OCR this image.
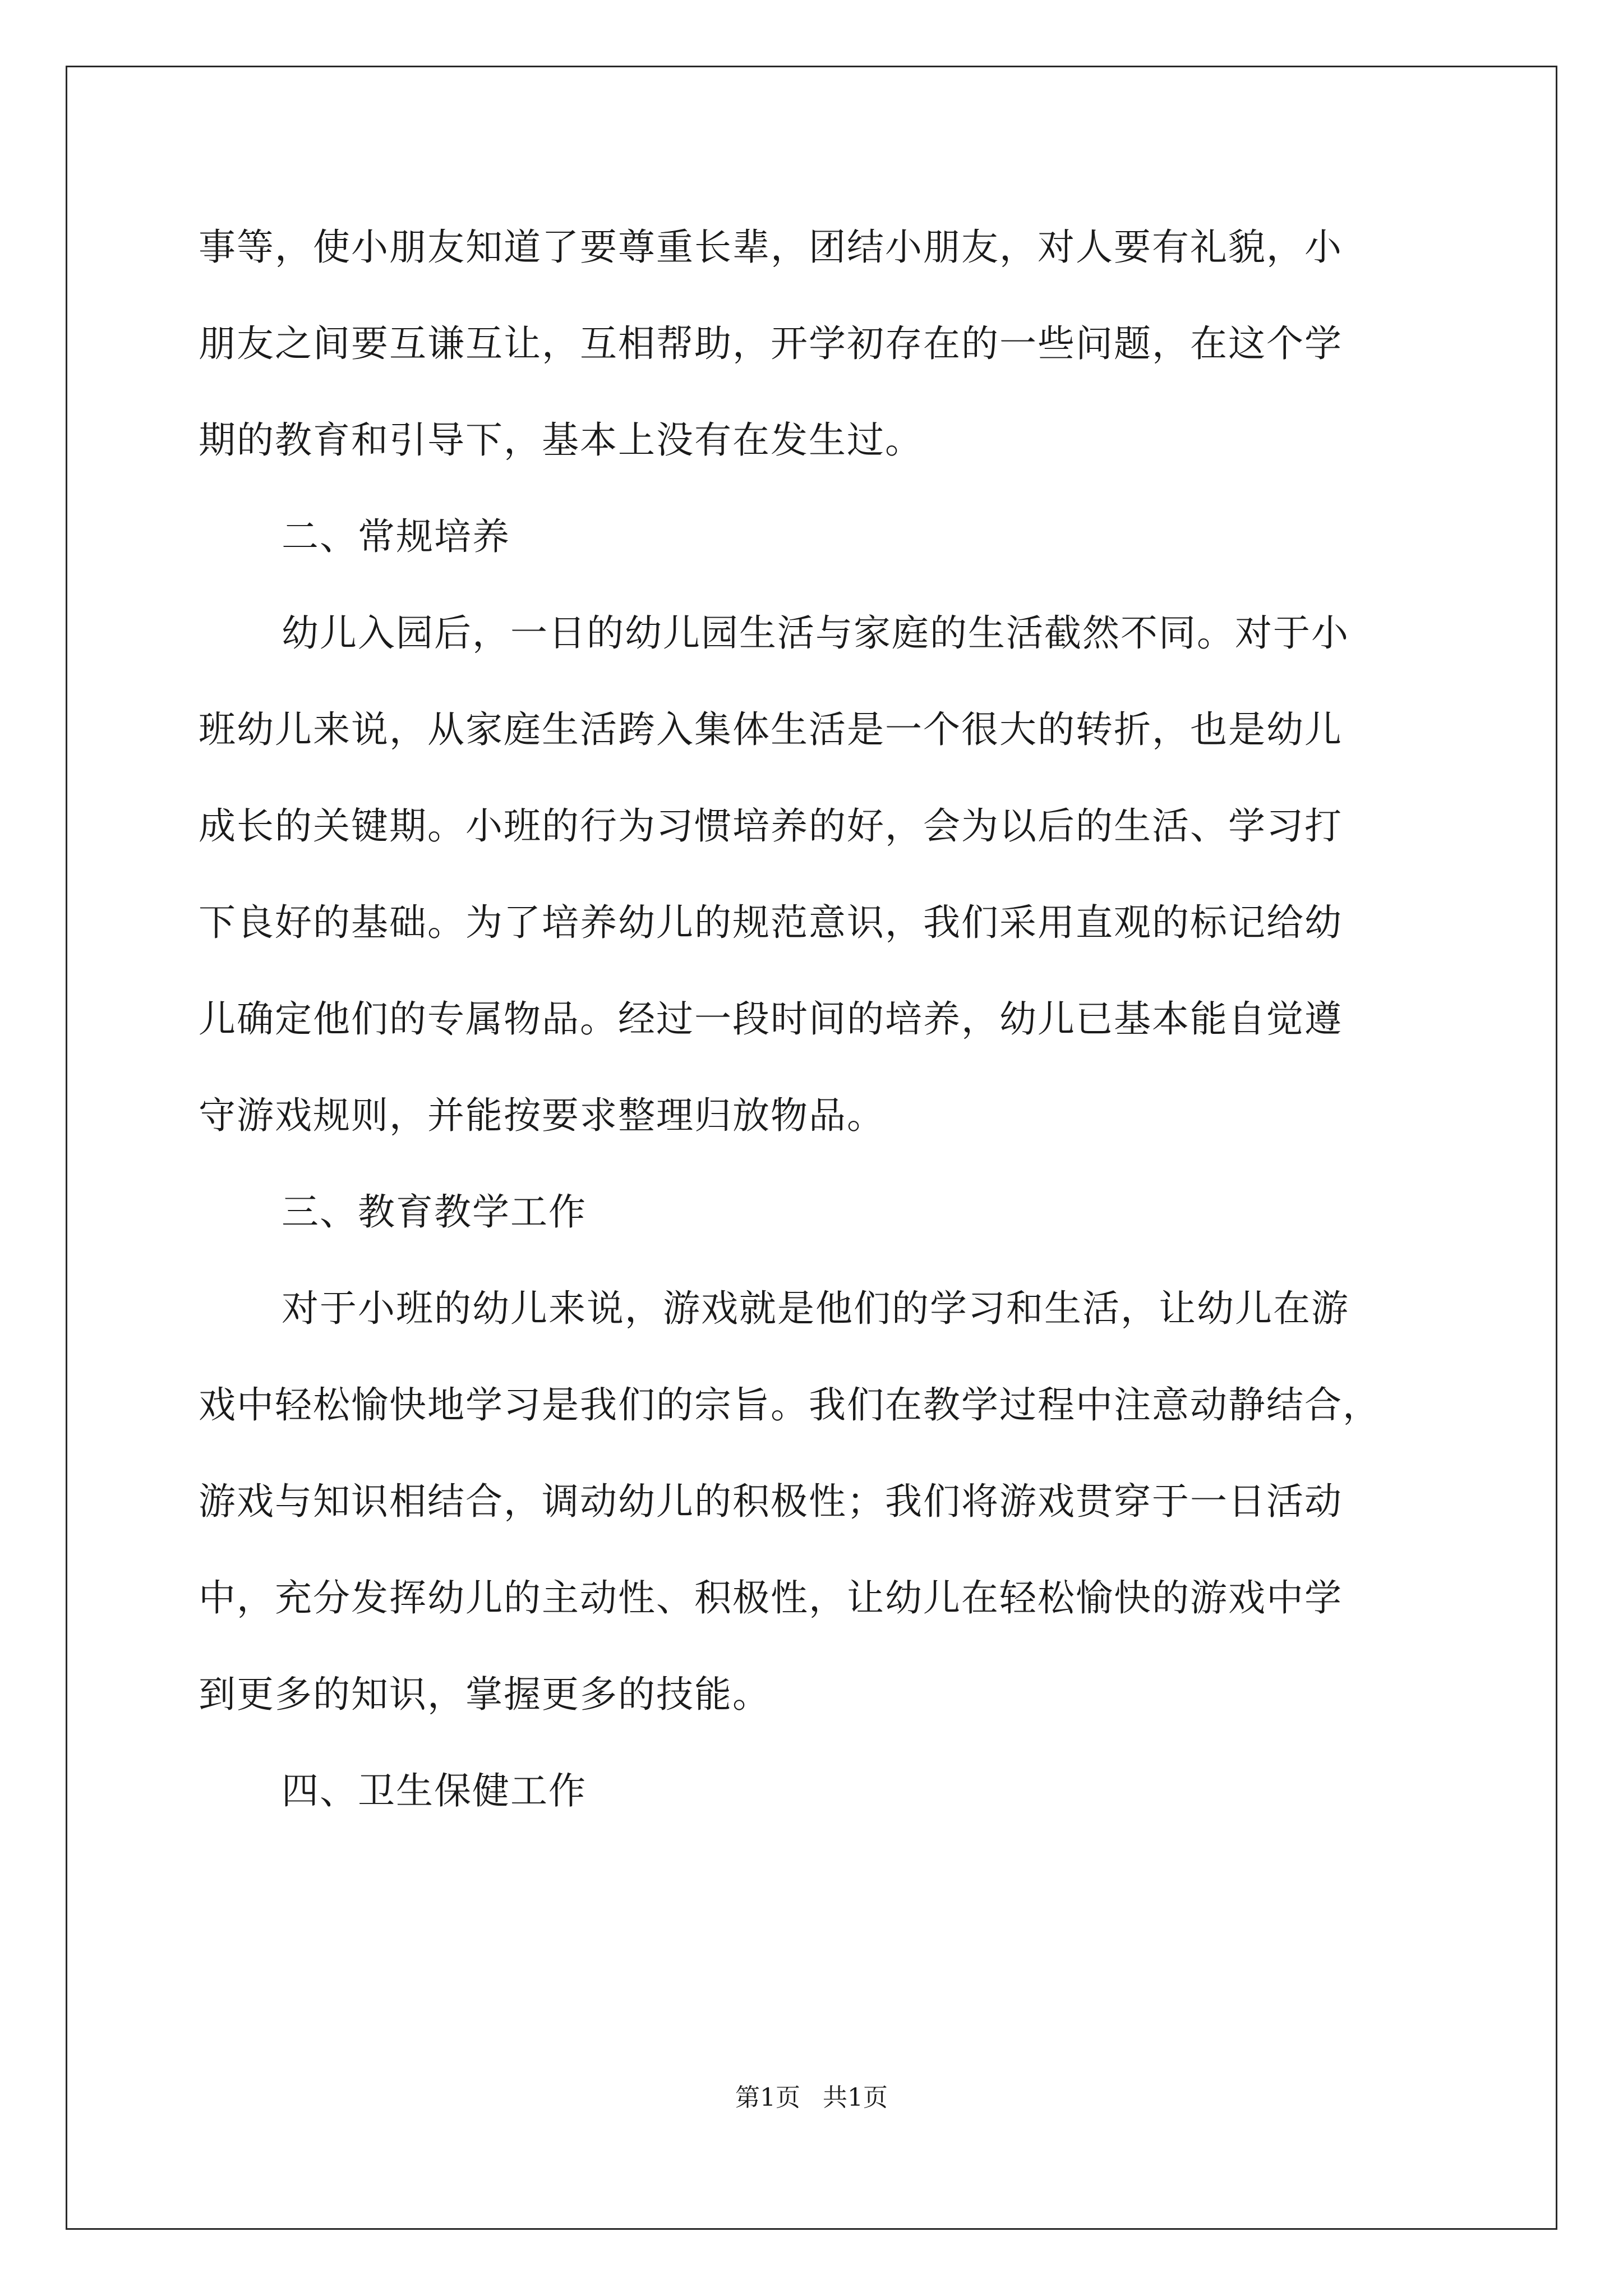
事等，使小朋友知道了要尊重长辈，团结小朋友，对人要有礼貌，小
朋友之间要互谦互让，互相帮助，开学初存在的一些问题，在这个学
期的教育和引导下，基本上没有在发生过。
二、常规培养
幼儿入园后，一日的幼儿园生活与家庭的生活截然不同。对于小
班幼儿来说，从家庭生活跨入集体生活是一个很大的转折，也是幼儿
成长的关键期。小班的行为习惯培养的好，会为以后的生活、学习打
下良好的基础。为了培养幼儿的规范意识，我们采用直观的标记给幼
儿确定他们的专属物品。经过一段时间的培养，幼儿已基本能自觉遵
守游戏规则，并能按要求整理归放物品。
三、教育教学工作
对于小班的幼儿来说，游戏就是他们的学习和生活，让幼儿在游
戏中轻松愉快地学习是我们的宗旨。我们在教学过程中注意动静结合，
游戏与知识相结合，调动幼儿的积极性；我们将游戏贯穿于一日活动
中，充分发挥幼儿的主动性、积极性，让幼儿在轻松愉快的游戏中学
到更多的知识，掌握更多的技能。
四、卫生保健工作
第1页 共1页
